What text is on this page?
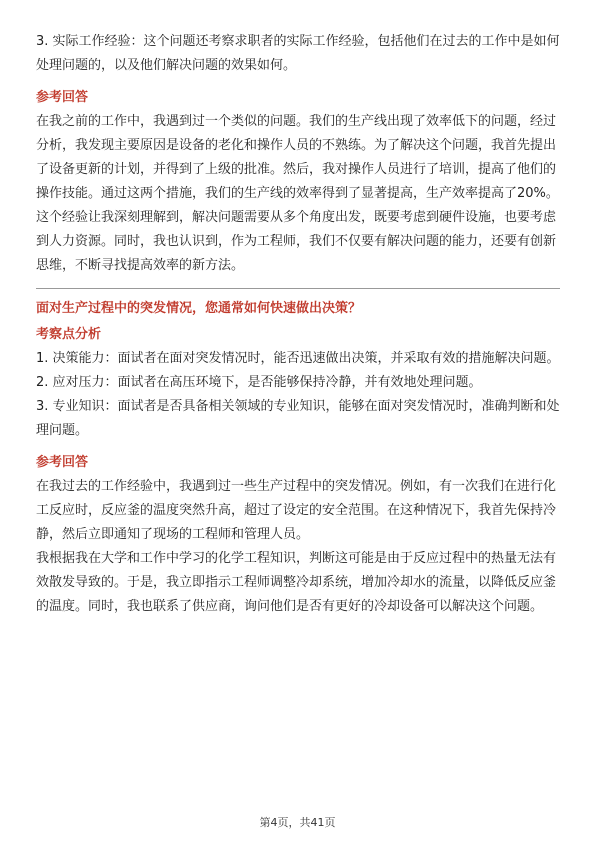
3. 实际工作经验：这个问题还考察求职者的实际工作经验，包括他们在过去的工作中是如何处理问题的，以及他们解决问题的效果如何。

参考回答

在我之前的工作中，我遇到过一个类似的问题。我们的生产线出现了效率低下的问题，经过分析，我发现主要原因是设备的老化和操作人员的不熟练。为了解决这个问题，我首先提出了设备更新的计划，并得到了上级的批准。然后，我对操作人员进行了培训，提高了他们的操作技能。通过这两个措施，我们的生产线的效率得到了显著提高，生产效率提高了20%。这个经验让我深刻理解到，解决问题需要从多个角度出发，既要考虑到硬件设施，也要考虑到人力资源。同时，我也认识到，作为工程师，我们不仅要有解决问题的能力，还要有创新思维，不断寻找提高效率的新方法。

面对生产过程中的突发情况，您通常如何快速做出决策？
考察点分析

1. 决策能力：面试者在面对突发情况时，能否迅速做出决策，并采取有效的措施解决问题。

2. 应对压力：面试者在高压环境下，是否能够保持冷静，并有效地处理问题。

3. 专业知识：面试者是否具备相关领域的专业知识，能够在面对突发情况时，准确判断和处理问题。

参考回答

在我过去的工作经验中，我遇到过一些生产过程中的突发情况。例如，有一次我们在进行化工反应时，反应釜的温度突然升高，超过了设定的安全范围。在这种情况下，我首先保持冷静，然后立即通知了现场的工程师和管理人员。

我根据我在大学和工作中学习的化学工程知识，判断这可能是由于反应过程中的热量无法有效散发导致的。于是，我立即指示工程师调整冷却系统，增加冷却水的流量，以降低反应釜的温度。同时，我也联系了供应商，询问他们是否有更好的冷却设备可以解决这个问题。

第4页，共41页
